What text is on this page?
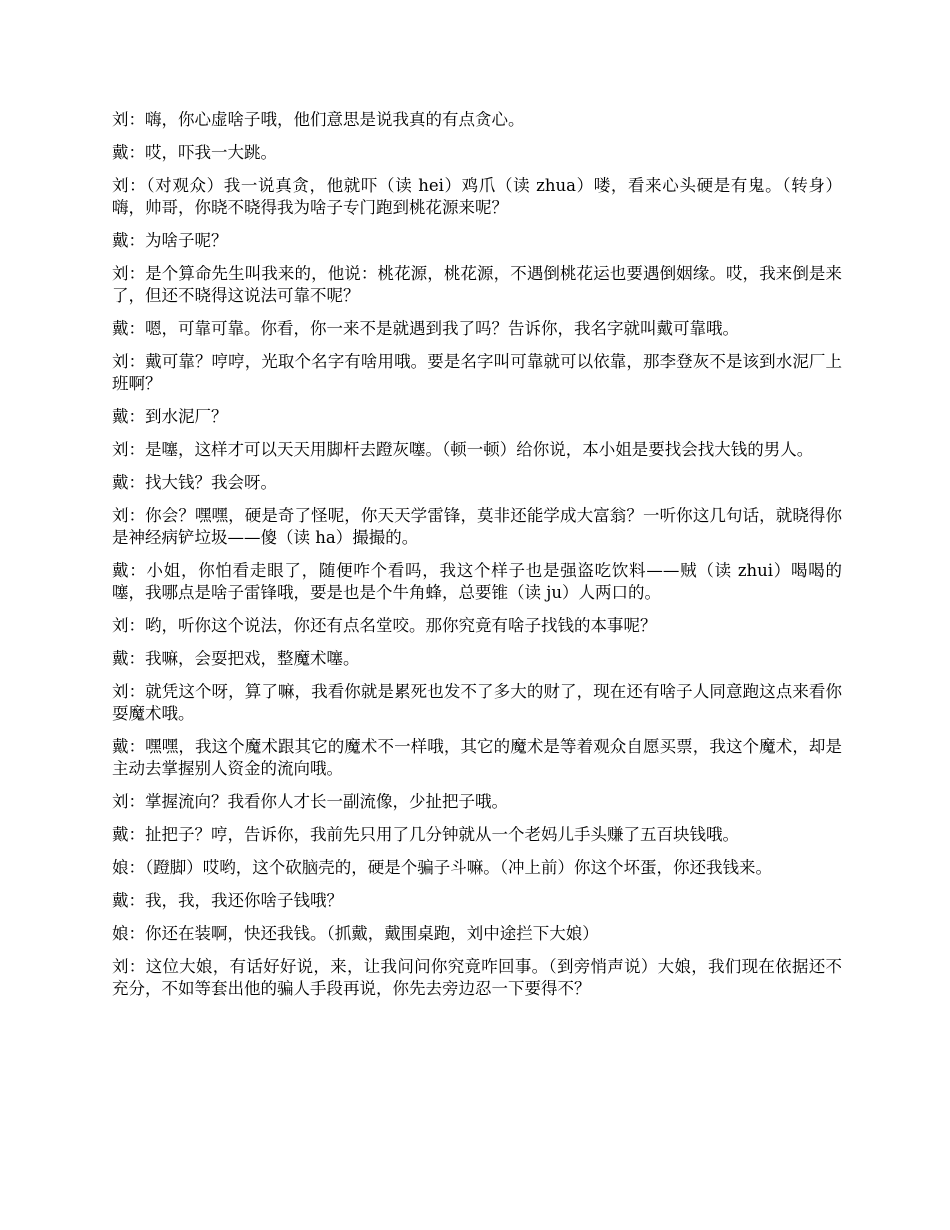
刘：嗨，你心虚啥子哦，他们意思是说我真的有点贪心。

戴：哎，吓我一大跳。

刘：（对观众）我一说真贪，他就吓（读 hei）鸡爪（读 zhua）喽，看来心头硬是有鬼。（转身）嗨，帅哥，你晓不晓得我为啥子专门跑到桃花源来呢？

戴：为啥子呢？

刘：是个算命先生叫我来的，他说：桃花源，桃花源，不遇倒桃花运也要遇倒姻缘。哎，我来倒是来了，但还不晓得这说法可靠不呢？

戴：嗯，可靠可靠。你看，你一来不是就遇到我了吗？告诉你，我名字就叫戴可靠哦。

刘：戴可靠？哼哼，光取个名字有啥用哦。要是名字叫可靠就可以依靠，那李登灰不是该到水泥厂上班啊？

戴：到水泥厂？

刘：是噻，这样才可以天天用脚杆去蹬灰噻。（顿一顿）给你说，本小姐是要找会找大钱的男人。

戴：找大钱？我会呀。

刘：你会？嘿嘿，硬是奇了怪呢，你天天学雷锋，莫非还能学成大富翁？一听你这几句话，就晓得你是神经病铲垃圾——傻（读 ha）撮撮的。

戴：小姐，你怕看走眼了，随便咋个看吗，我这个样子也是强盗吃饮料——贼（读 zhui）喝喝的噻，我哪点是啥子雷锋哦，要是也是个牛角蜂，总要锥（读 ju）人两口的。

刘：哟，听你这个说法，你还有点名堂咬。那你究竟有啥子找钱的本事呢？

戴：我嘛，会耍把戏，整魔术噻。

刘：就凭这个呀，算了嘛，我看你就是累死也发不了多大的财了，现在还有啥子人同意跑这点来看你耍魔术哦。

戴：嘿嘿，我这个魔术跟其它的魔术不一样哦，其它的魔术是等着观众自愿买票，我这个魔术，却是主动去掌握别人资金的流向哦。

刘：掌握流向？我看你人才长一副流像，少扯把子哦。

戴：扯把子？哼，告诉你，我前先只用了几分钟就从一个老妈儿手头赚了五百块钱哦。

娘：（蹬脚）哎哟，这个砍脑壳的，硬是个骗子斗嘛。（冲上前）你这个坏蛋，你还我钱来。

戴：我，我，我还你啥子钱哦？

娘：你还在装啊，快还我钱。（抓戴，戴围桌跑，刘中途拦下大娘）

刘：这位大娘，有话好好说，来，让我问问你究竟咋回事。（到旁悄声说）大娘，我们现在依据还不充分，不如等套出他的骗人手段再说，你先去旁边忍一下要得不？
